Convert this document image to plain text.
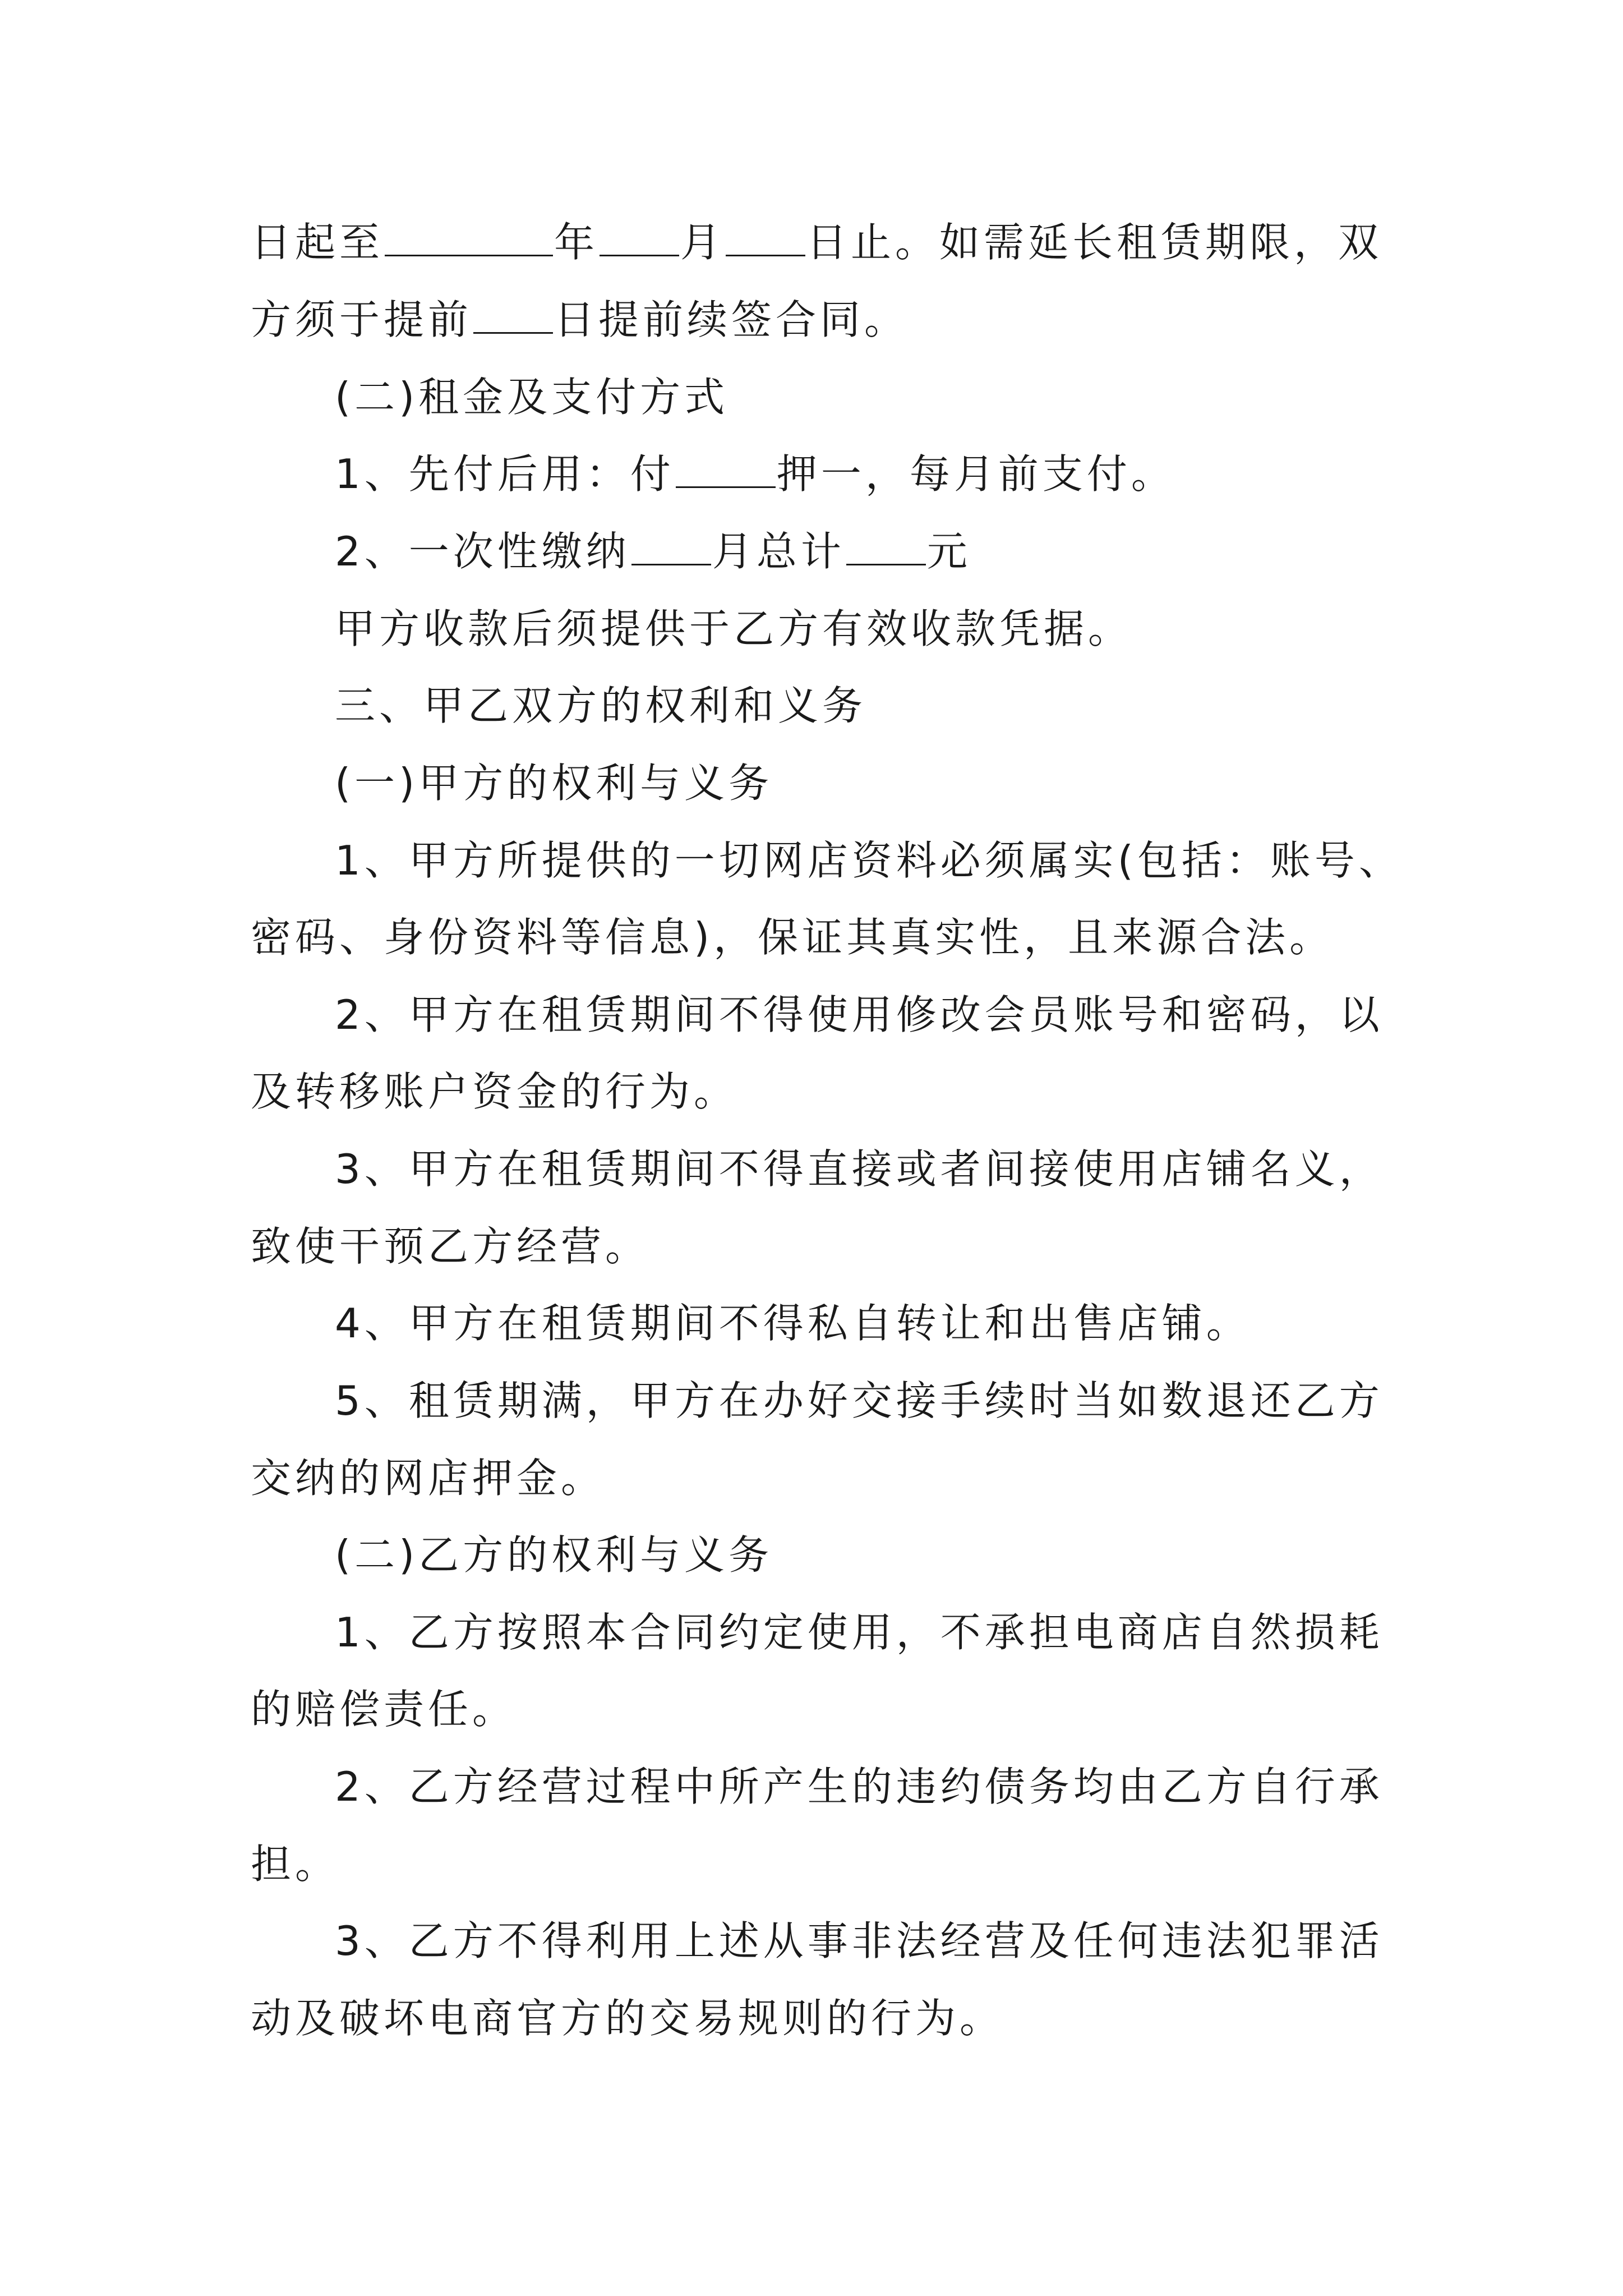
日起至	年 月 日止。如需延长租赁期限，双
方须于提前 日提前续签合同。
(二)租金及支付方式
1、先付后用：付	押一，每月前支付。
2、一次性缴纳 月总计 元
甲方收款后须提供于乙方有效收款凭据。
三、甲乙双方的权利和义务
(一)甲方的权利与义务
1、甲方所提供的一切网店资料必须属实(包括：账号、
密码、身份资料等信息)，保证其真实性，且来源合法。
2、甲方在租赁期间不得使用修改会员账号和密码，以
及转移账户资金的行为。
3、甲方在租赁期间不得直接或者间接使用店铺名义，
致使干预乙方经营。
4、甲方在租赁期间不得私自转让和出售店铺。
5、租赁期满，甲方在办好交接手续时当如数退还乙方
交纳的网店押金。
(二)乙方的权利与义务
1、乙方按照本合同约定使用，不承担电商店自然损耗
的赔偿责任。
2、乙方经营过程中所产生的违约债务均由乙方自行承
担。
3、乙方不得利用上述从事非法经营及任何违法犯罪活
动及破坏电商官方的交易规则的行为。
